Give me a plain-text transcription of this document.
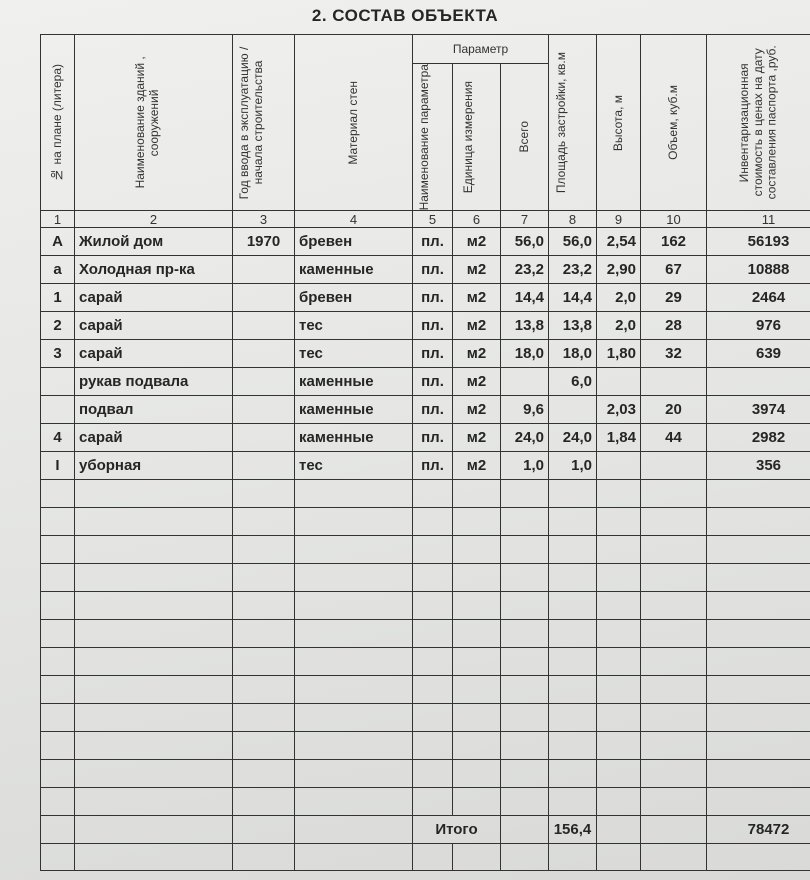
2. СОСТАВ ОБЪЕКТА
№ на плане (литера)	Наименование зданий , сооружений	Год ввода в эксплуатацию /начала строительства	Материал стен	Параметр			Площадь застройки, кв.м	Высота, м	Объем, куб.м	Инвентаризационная стоимость в ценах на дату составления паспорта ,руб.

				Наименование параметра	Единица измерения	Всего				

1	2	3	4	5	6	7	8	9	10	11
А	Жилой дом	1970	бревен	пл.	м2	56,0	56,0	2,54	162	56193
а	Холодная пр-ка		каменные	пл.	м2	23,2	23,2	2,90	67	10888
1	сарай		бревен	пл.	м2	14,4	14,4	2,0	29	2464
2	сарай		тес	пл.	м2	13,8	13,8	2,0	28	976
3	сарай		тес	пл.	м2	18,0	18,0	1,80	32	639
	рукав подвала		каменные	пл.	м2		6,0			
	подвал		каменные	пл.	м2	9,6		2,03	20	3974
4	сарай		каменные	пл.	м2	24,0	24,0	1,84	44	2982
I	уборная		тес	пл.	м2	1,0	1,0			356

				Итого			156,4			78472
